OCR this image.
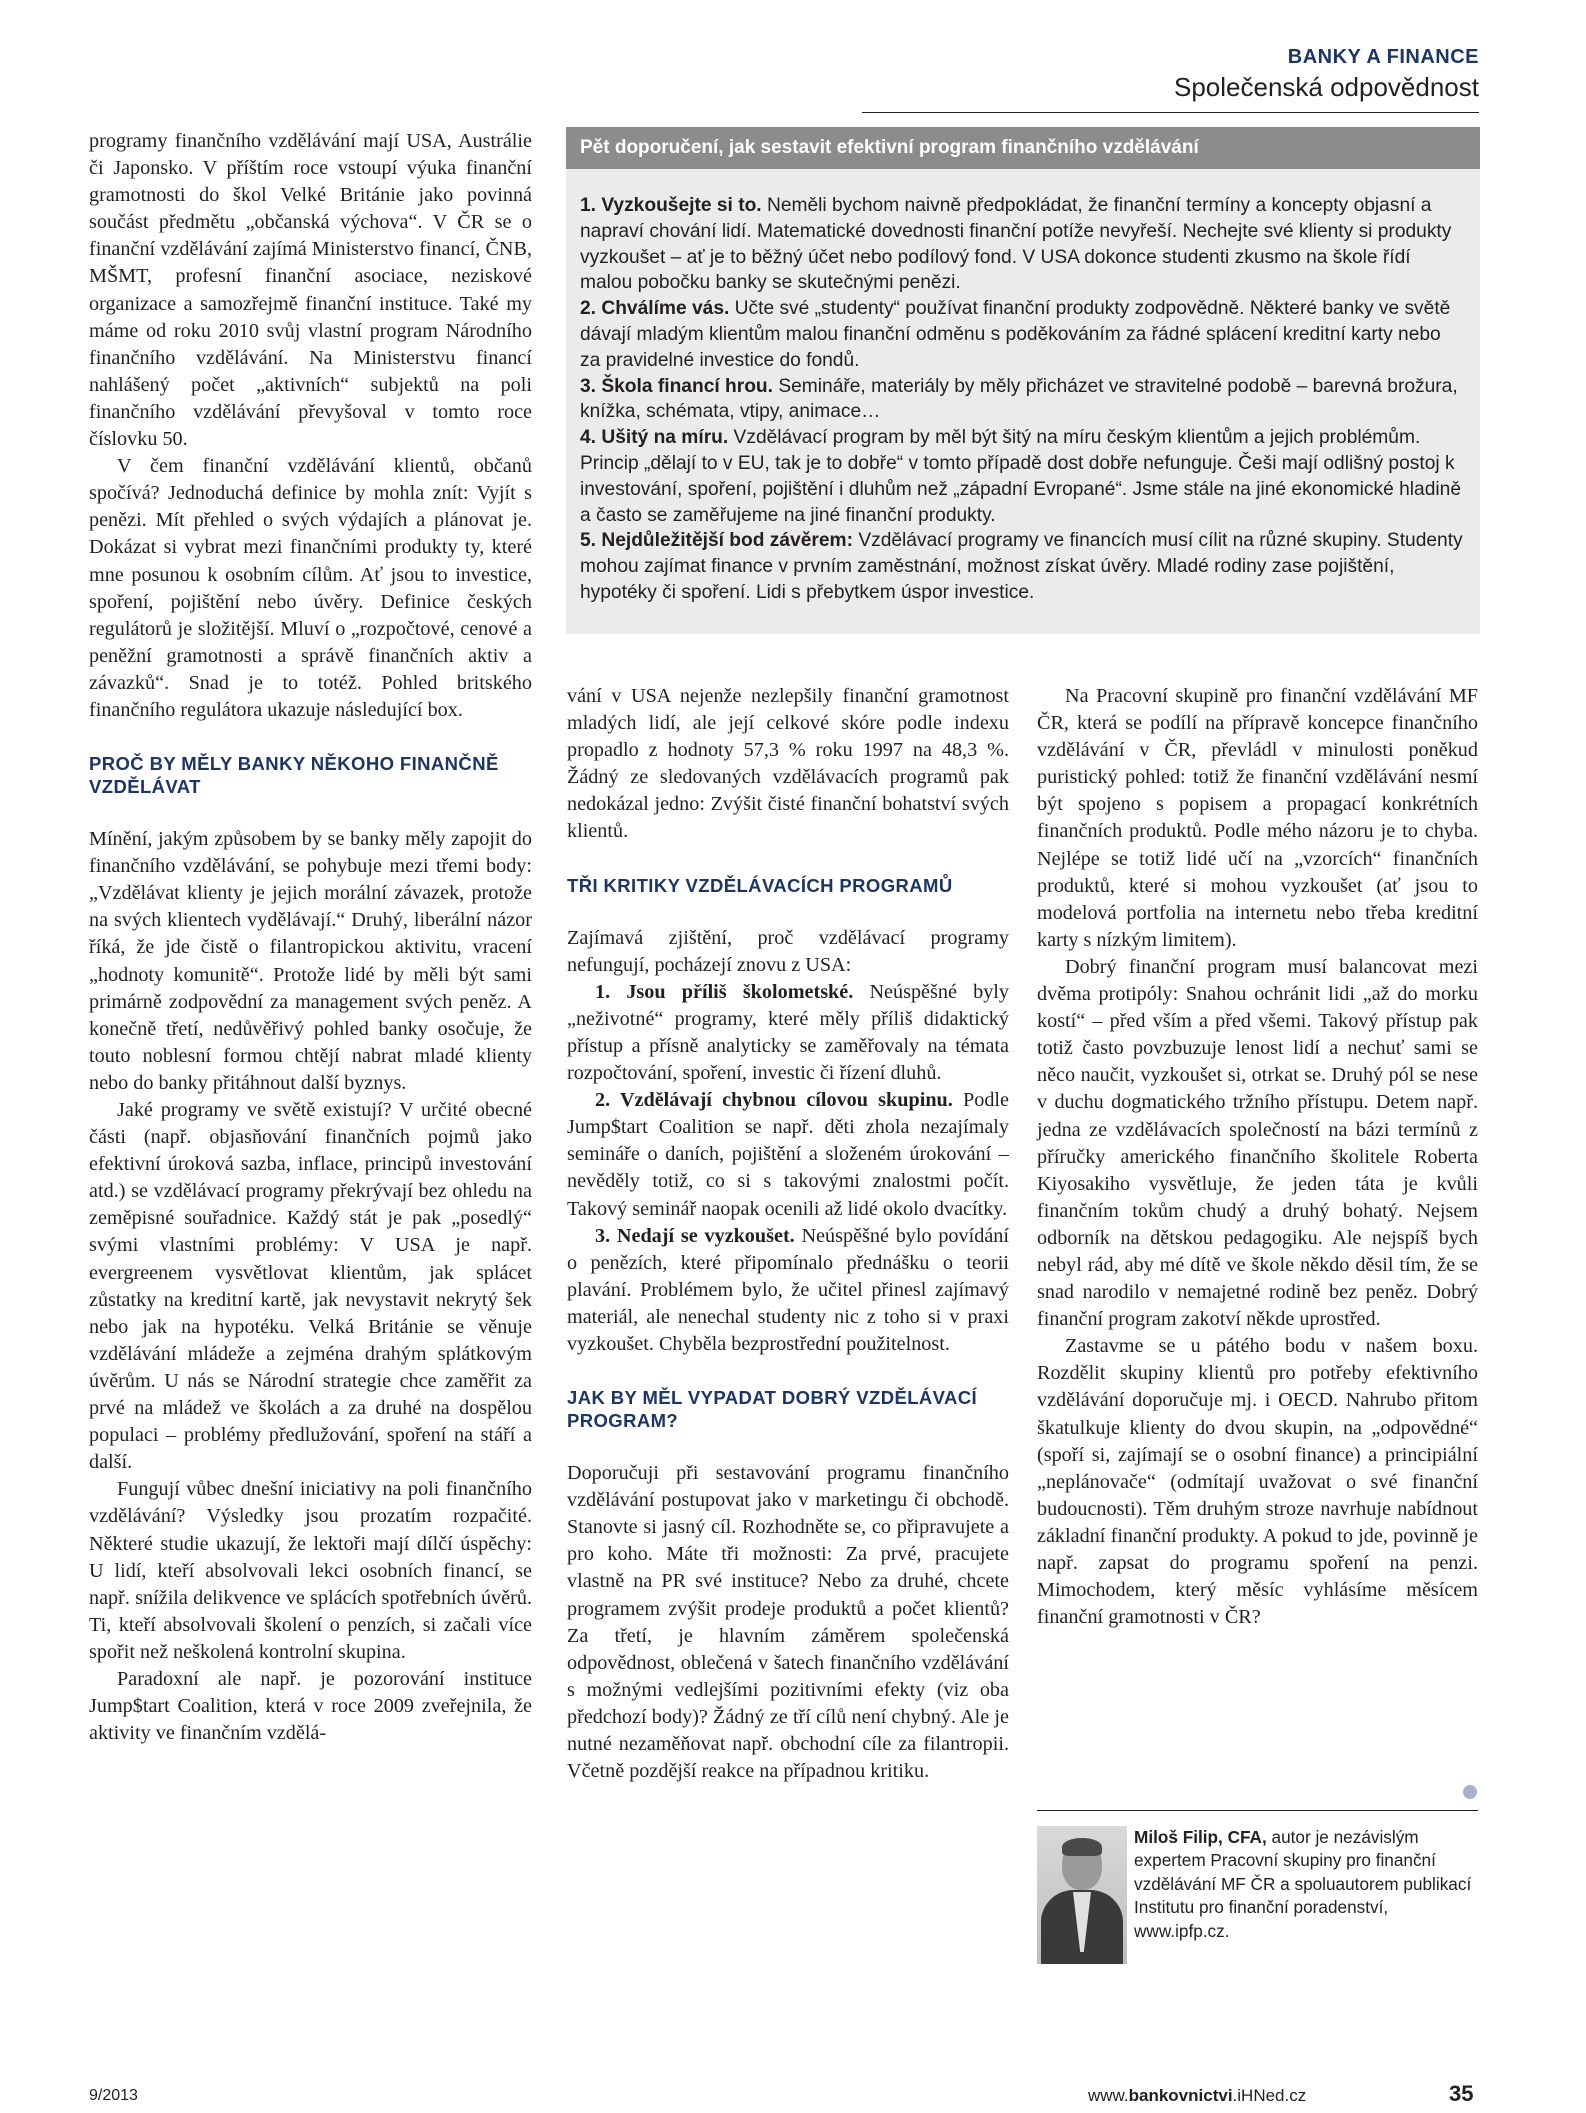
BANKY A FINANCE
Společenská odpovědnost

programy finančního vzdělávání mají USA, Austrálie či Japonsko. V příštím roce vstoupí výuka finanční gramotnosti do škol Velké Británie jako povinná součást předmětu „občanská výchova“. V ČR se o finanční vzdělávání zajímá Ministerstvo financí, ČNB, MŠMT, profesní finanční asociace, neziskové organizace a samozřejmě finanční instituce. Také my máme od roku 2010 svůj vlastní program Národního finančního vzdělávání. Na Ministerstvu financí nahlášený počet „aktivních“ subjektů na poli finančního vzdělávání převyšoval v tomto roce číslovku 50.

V čem finanční vzdělávání klientů, občanů spočívá? Jednoduchá definice by mohla znít: Vyjít s penězi. Mít přehled o svých výdajích a plánovat je. Dokázat si vybrat mezi finančními produkty ty, které mne posunou k osobním cílům. Ať jsou to investice, spoření, pojištění nebo úvěry. Definice českých regulátorů je složitější. Mluví o „rozpočtové, cenové a peněžní gramotnosti a správě finančních aktiv a závazků“. Snad je to totéž. Pohled britského finančního regulátora ukazuje následující box.

PROČ BY MĚLY BANKY NĚKOHO FINANČNĚ VZDĚLÁVAT

Mínění, jakým způsobem by se banky měly zapojit do finančního vzdělávání, se pohybuje mezi třemi body: „Vzdělávat klienty je jejich morální závazek, protože na svých klientech vydělávají.“ Druhý, liberální názor říká, že jde čistě o filantropickou aktivitu, vracení „hodnoty komunitě“. Protože lidé by měli být sami primárně zodpovědní za management svých peněz. A konečně třetí, nedůvěřivý pohled banky osočuje, že touto noblesní formou chtějí nabrat mladé klienty nebo do banky přitáhnout další byznys.

Jaké programy ve světě existují? V určité obecné části (např. objasňování finančních pojmů jako efektivní úroková sazba, inflace, principů investování atd.) se vzdělávací programy překrývají bez ohledu na zeměpisné souřadnice. Každý stát je pak „posedlý“ svými vlastními problémy: V USA je např. evergreenem vysvětlovat klientům, jak splácet zůstatky na kreditní kartě, jak nevystavit nekrytý šek nebo jak na hypotéku. Velká Británie se věnuje vzdělávání mládeže a zejména drahým splátkovým úvěrům. U nás se Národní strategie chce zaměřit za prvé na mládež ve školách a za druhé na dospělou populaci – problémy předlužování, spoření na stáří a další.

Fungují vůbec dnešní iniciativy na poli finančního vzdělávání? Výsledky jsou prozatím rozpačité. Některé studie ukazují, že lektoři mají dílčí úspěchy: U lidí, kteří absolvovali lekci osobních financí, se např. snížila delikvence ve splácích spotřebních úvěrů. Ti, kteří absolvovali školení o penzích, si začali více spořit než neškolená kontrolní skupina.

Paradoxní ale např. je pozorování instituce Jump$tart Coalition, která v roce 2009 zveřejnila, že aktivity ve finančním vzdělá-

Pět doporučení, jak sestavit efektivní program finančního vzdělávání

1. Vyzkoušejte si to. Neměli bychom naivně předpokládat, že finanční termíny a koncepty objasní a napraví chování lidí. Matematické dovednosti finanční potíže nevyřeší. Nechejte své klienty si produkty vyzkoušet – ať je to běžný účet nebo podílový fond. V USA dokonce studenti zkusmo na škole řídí malou pobočku banky se skutečnými penězi.

2. Chválíme vás. Učte své „studenty“ používat finanční produkty zodpovědně. Některé banky ve světě dávají mladým klientům malou finanční odměnu s poděkováním za řádné splácení kreditní karty nebo za pravidelné investice do fondů.

3. Škola financí hrou. Semináře, materiály by měly přicházet ve stravitelné podobě – barevná brožura, knížka, schémata, vtipy, animace…

4. Ušitý na míru. Vzdělávací program by měl být šitý na míru českým klientům a jejich problémům. Princip „dělají to v EU, tak je to dobře“ v tomto případě dost dobře nefunguje. Češi mají odlišný postoj k investování, spoření, pojištění i dluhům než „západní Evropané“. Jsme stále na jiné ekonomické hladině a často se zaměřujeme na jiné finanční produkty.

5. Nejdůležitější bod závěrem: Vzdělávací programy ve financích musí cílit na různé skupiny. Studenty mohou zajímat finance v prvním zaměstnání, možnost získat úvěry. Mladé rodiny zase pojištění, hypotéky či spoření. Lidi s přebytkem úspor investice.

vání v USA nejenže nezlepšily finanční gramotnost mladých lidí, ale její celkové skóre podle indexu propadlo z hodnoty 57,3 % roku 1997 na 48,3 %. Žádný ze sledovaných vzdělávacích programů pak nedokázal jedno: Zvýšit čisté finanční bohatství svých klientů.

TŘI KRITIKY VZDĚLÁVACÍCH PROGRAMŮ

Zajímavá zjištění, proč vzdělávací programy nefungují, pocházejí znovu z USA:

1. Jsou příliš školometské. Neúspěšné byly „neživotné“ programy, které měly příliš didaktický přístup a přísně analyticky se zaměřovaly na témata rozpočtování, spoření, investic či řízení dluhů.

2. Vzdělávají chybnou cílovou skupinu. Podle Jump$tart Coalition se např. děti zhola nezajímaly semináře o daních, pojištění a složeném úrokování – nevěděly totiž, co si s takovými znalostmi počít. Takový seminář naopak ocenili až lidé okolo dvacítky.

3. Nedají se vyzkoušet. Neúspěšné bylo povídání o penězích, které připomínalo přednášku o teorii plavání. Problémem bylo, že učitel přinesl zajímavý materiál, ale nenechal studenty nic z toho si v praxi vyzkoušet. Chyběla bezprostřední použitelnost.

JAK BY MĚL VYPADAT DOBRÝ VZDĚLÁVACÍ PROGRAM?

Doporučuji při sestavování programu finančního vzdělávání postupovat jako v marketingu či obchodě. Stanovte si jasný cíl. Rozhodněte se, co připravujete a pro koho. Máte tři možnosti: Za prvé, pracujete vlastně na PR své instituce? Nebo za druhé, chcete programem zvýšit prodeje produktů a počet klientů? Za třetí, je hlavním záměrem společenská odpovědnost, oblečená v šatech finančního vzdělávání s možnými vedlejšími pozitivními efekty (viz oba předchozí body)? Žádný ze tří cílů není chybný. Ale je nutné nezaměňovat např. obchodní cíle za filantropii. Včetně pozdější reakce na případnou kritiku.

Na Pracovní skupině pro finanční vzdělávání MF ČR, která se podílí na přípravě koncepce finančního vzdělávání v ČR, převládl v minulosti poněkud puristický pohled: totiž že finanční vzdělávání nesmí být spojeno s popisem a propagací konkrétních finančních produktů. Podle mého názoru je to chyba. Nejlépe se totiž lidé učí na „vzorcích“ finančních produktů, které si mohou vyzkoušet (ať jsou to modelová portfolia na internetu nebo třeba kreditní karty s nízkým limitem).

Dobrý finanční program musí balancovat mezi dvěma protipóly: Snahou ochránit lidi „až do morku kostí“ – před vším a před všemi. Takový přístup pak totiž často povzbuzuje lenost lidí a nechuť sami se něco naučit, vyzkoušet si, otrkat se. Druhý pól se nese v duchu dogmatického tržního přístupu. Detem např. jedna ze vzdělávacích společností na bázi termínů z příručky amerického finančního školitele Roberta Kiyosakiho vysvětluje, že jeden táta je kvůli finančním tokům chudý a druhý bohatý. Nejsem odborník na dětskou pedagogiku. Ale nejspíš bych nebyl rád, aby mé dítě ve škole někdo děsil tím, že se snad narodilo v nemajetné rodině bez peněz. Dobrý finanční program zakotví někde uprostřed.

Zastavme se u pátého bodu v našem boxu. Rozdělit skupiny klientů pro potřeby efektivního vzdělávání doporučuje mj. i OECD. Nahrubo přitom škatulkuje klienty do dvou skupin, na „odpovědné“ (spoří si, zajímají se o osobní finance) a principiální „neplánovače“ (odmítají uvažovat o své finanční budoucnosti). Těm druhým stroze navrhuje nabídnout základní finanční produkty. A pokud to jde, povinně je např. zapsat do programu spoření na penzi. Mimochodem, který měsíc vyhlásíme měsícem finanční gramotnosti v ČR?

Miloš Filip, CFA, autor je nezávislým expertem Pracovní skupiny pro finanční vzdělávání MF ČR a spoluautorem publikací Institutu pro finanční poradenství, www.ipfp.cz.
9/2013	www.bankovnictvi.iHNed.cz	35
